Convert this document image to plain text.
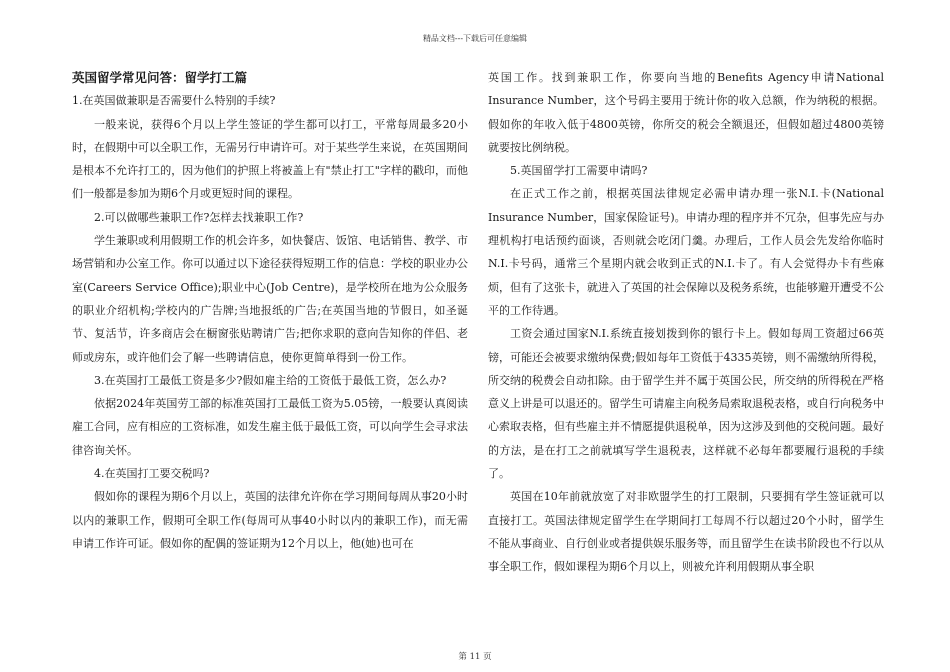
精品文档---下载后可任意编辑

英国留学常见问答：留学打工篇

1.在英国做兼职是否需要什么特别的手续?

一般来说，获得6个月以上学生签证的学生都可以打工，平常每周最多20小时，在假期中可以全职工作，无需另行申请许可。对于某些学生来说，在英国期间是根本不允许打工的，因为他们的护照上将被盖上有"禁止打工"字样的戳印，而他们一般都是参加为期6个月或更短时间的课程。

2.可以做哪些兼职工作?怎样去找兼职工作?

学生兼职或利用假期工作的机会许多，如快餐店、饭馆、电话销售、教学、市场营销和办公室工作。你可以通过以下途径获得短期工作的信息：学校的职业办公室(Careers Service Office);职业中心(Job Centre)，是学校所在地为公众服务的职业介绍机构;学校内的广告牌;当地报纸的广告;在英国当地的节假日，如圣诞节、复活节，许多商店会在橱窗张贴聘请广告;把你求职的意向告知你的伴侣、老师或房东，或许他们会了解一些聘请信息，使你更简单得到一份工作。

3.在英国打工最低工资是多少?假如雇主给的工资低于最低工资，怎么办?

依据2024年英国劳工部的标准英国打工最低工资为5.05镑，一般要认真阅读雇工合同，应有相应的工资标准，如发生雇主低于最低工资，可以向学生会寻求法律咨询关怀。

4.在英国打工要交税吗?

假如你的课程为期6个月以上，英国的法律允许你在学习期间每周从事20小时以内的兼职工作，假期可全职工作(每周可从事40小时以内的兼职工作)，而无需申请工作许可证。假如你的配偶的签证期为12个月以上，他(她)也可在

英国工作。找到兼职工作，你要向当地的Benefits Agency申请National Insurance Number，这个号码主要用于统计你的收入总额，作为纳税的根据。假如你的年收入低于4800英镑，你所交的税会全额退还，但假如超过4800英镑就要按比例纳税。

5.英国留学打工需要申请吗?

在正式工作之前，根据英国法律规定必需申请办理一张N.I.卡(National Insurance Number，国家保险证号)。申请办理的程序并不冗杂，但事先应与办理机构打电话预约面谈，否则就会吃闭门羹。办理后，工作人员会先发给你临时N.I.卡号码，通常三个星期内就会收到正式的N.I.卡了。有人会觉得办卡有些麻烦，但有了这张卡，就进入了英国的社会保障以及税务系统，也能够避开遭受不公平的工作待遇。

工资会通过国家N.I.系统直接划拨到你的银行卡上。假如每周工资超过66英镑，可能还会被要求缴纳保费;假如每年工资低于4335英镑，则不需缴纳所得税，所交纳的税费会自动扣除。由于留学生并不属于英国公民，所交纳的所得税在严格意义上讲是可以退还的。留学生可请雇主向税务局索取退税表格，或自行向税务中心索取表格，但有些雇主并不情愿提供退税单，因为这涉及到他的交税问题。最好的方法，是在打工之前就填写学生退税表，这样就不必每年都要履行退税的手续了。

英国在10年前就放宽了对非欧盟学生的打工限制，只要拥有学生签证就可以直接打工。英国法律规定留学生在学期间打工每周不行以超过20个小时，留学生不能从事商业、自行创业或者提供娱乐服务等，而且留学生在读书阶段也不行以从事全职工作，假如课程为期6个月以上，则被允许利用假期从事全职

第 11 页
